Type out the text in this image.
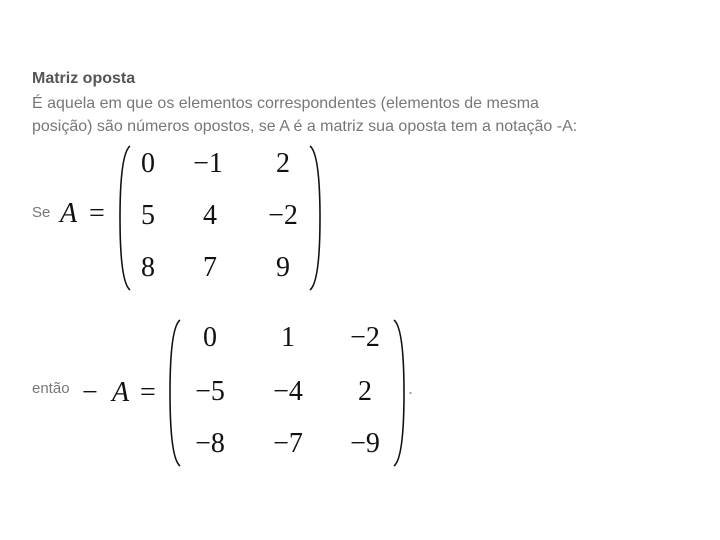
Matriz oposta
É aquela em que os elementos correspondentes (elementos de mesma
posição) são números opostos, se A é a matriz sua oposta tem a notação -A:
Se A =
0	−1	2
5	4	−2
8	7	9
então − A =
0	1	−2
−5	−4	2
−8	−7	−9
.
